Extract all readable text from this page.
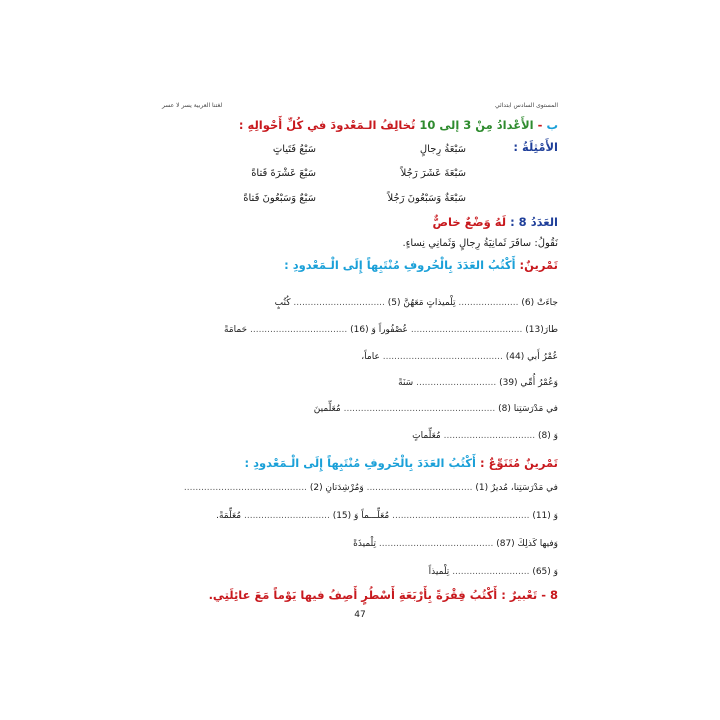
المستوى السادس ابتدائي
لغتنا العربية يسر لا عسر
ب - الأَعْدادُ مِنْ 3 إلى 10 تُخالِفُ الـمَعْدودَ في كُلِّ أَحْوالِهِ :
الأَمْثِلَةُ :
سَبْعَةُ رِجالٍ
سَبْعُ فَتَياتٍ
سَبْعَةَ عَشَرَ رَجُلاً
سَبْعَ عَشْرَةَ فَتاةً
سَبْعَةٌ وَسَبْعُونَ رَجُلاً
سَبْعٌ وَسَبْعُونَ فَتاةً
العَدَدُ 8 : لَهُ وَضْعٌ خاصٌّ
نَقُولُ: سافَرَ ثَمانِيَةُ رِجالٍ وَثَمانِي نِساءٍ.
تَمْرينٌ: أَكْتُبُ العَدَدَ بِالْحُروفِ مُنْتَبِهاً إِلَى الْـمَعْدودِ :
جاءَتْ (6) ..................... تِلْميذاتٍ مَعَهُنَّ (5) ................................ كُتُبٍ
طارَ(13) ....................................... عُصْفُوراً وَ (16) .................................. حَمامَةً
عُمْرُ أَبي (44) .......................................... عاماً،
وَعُمْرُ أُمِّي (39) ............................ سَنَةً
في مَدْرَسَتِنا (8) ..................................................... مُعَلِّمينَ
وَ (8) ................................ مُعَلِّماتٍ
تَمْرينٌ مُتَنَوِّعٌ : أَكْتُبُ العَدَدَ بِالْحُروفِ مُنْتَبِهاً إِلَى الْـمَعْدودِ :
في مَدْرَسَتِنا، مُديرٌ (1) ..................................... وَمُرْشِدَتانِ (2) ...........................................
وَ (11) ................................................ مُعَلِّـــماً وَ (15) .............................. مُعَلِّمَةً.
وَفيها كَذلِكَ (87) ........................................ تِلْميذَةً
وَ (65) ........................... تِلْميذاً
8 - تَعْبيرٌ : أَكْتُبُ فِقْرَةً بِأَرْبَعَةِ أَسْطُرٍ أَصِفُ فيها يَوْماً مَعَ عائِلَتِي.
47
